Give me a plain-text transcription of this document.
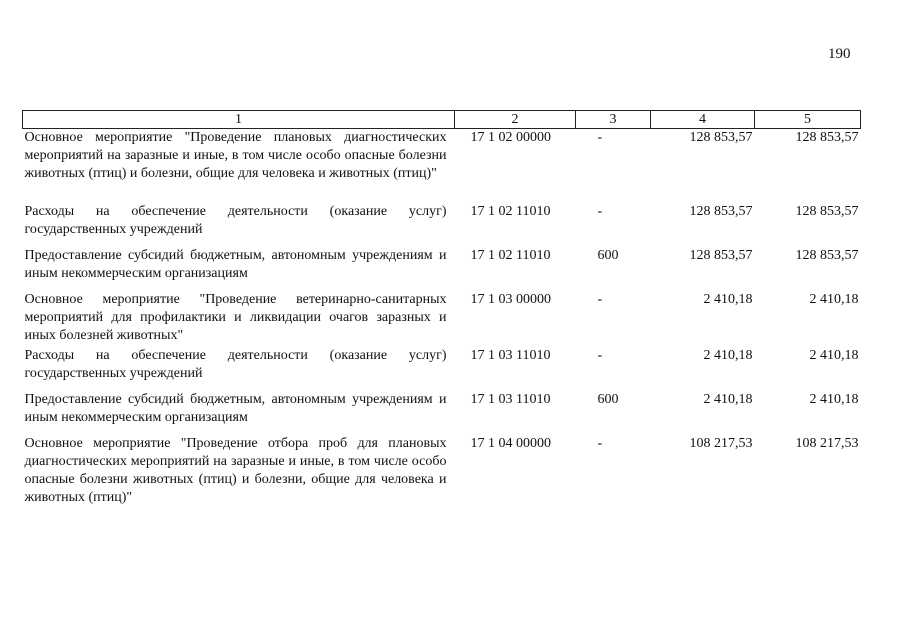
190
1	2	3	4	5
Основное мероприятие "Проведение плановых диагностических мероприятий на заразные и иные, в том числе особо опасные болезни животных (птиц) и болезни, общие для человека и животных (птиц)"	17 1 02 00000	-	128 853,57	128 853,57
Расходы на обеспечение деятельности (оказание услуг) государственных учреждений	17 1 02 11010	-	128 853,57	128 853,57
Предоставление субсидий бюджетным, автономным учреждениям и иным некоммерческим организациям	17 1 02 11010	600	128 853,57	128 853,57
Основное мероприятие "Проведение ветеринарно-санитарных мероприятий для профилактики и ликвидации очагов заразных и иных болезней животных"	17 1 03 00000	-	2 410,18	2 410,18
Расходы на обеспечение деятельности (оказание услуг) государственных учреждений	17 1 03 11010	-	2 410,18	2 410,18
Предоставление субсидий бюджетным, автономным учреждениям и иным некоммерческим организациям	17 1 03 11010	600	2 410,18	2 410,18
Основное мероприятие "Проведение отбора проб для плановых диагностических мероприятий на заразные и иные, в том числе особо опасные болезни животных (птиц) и болезни, общие для человека и животных (птиц)"	17 1 04 00000	-	108 217,53	108 217,53
